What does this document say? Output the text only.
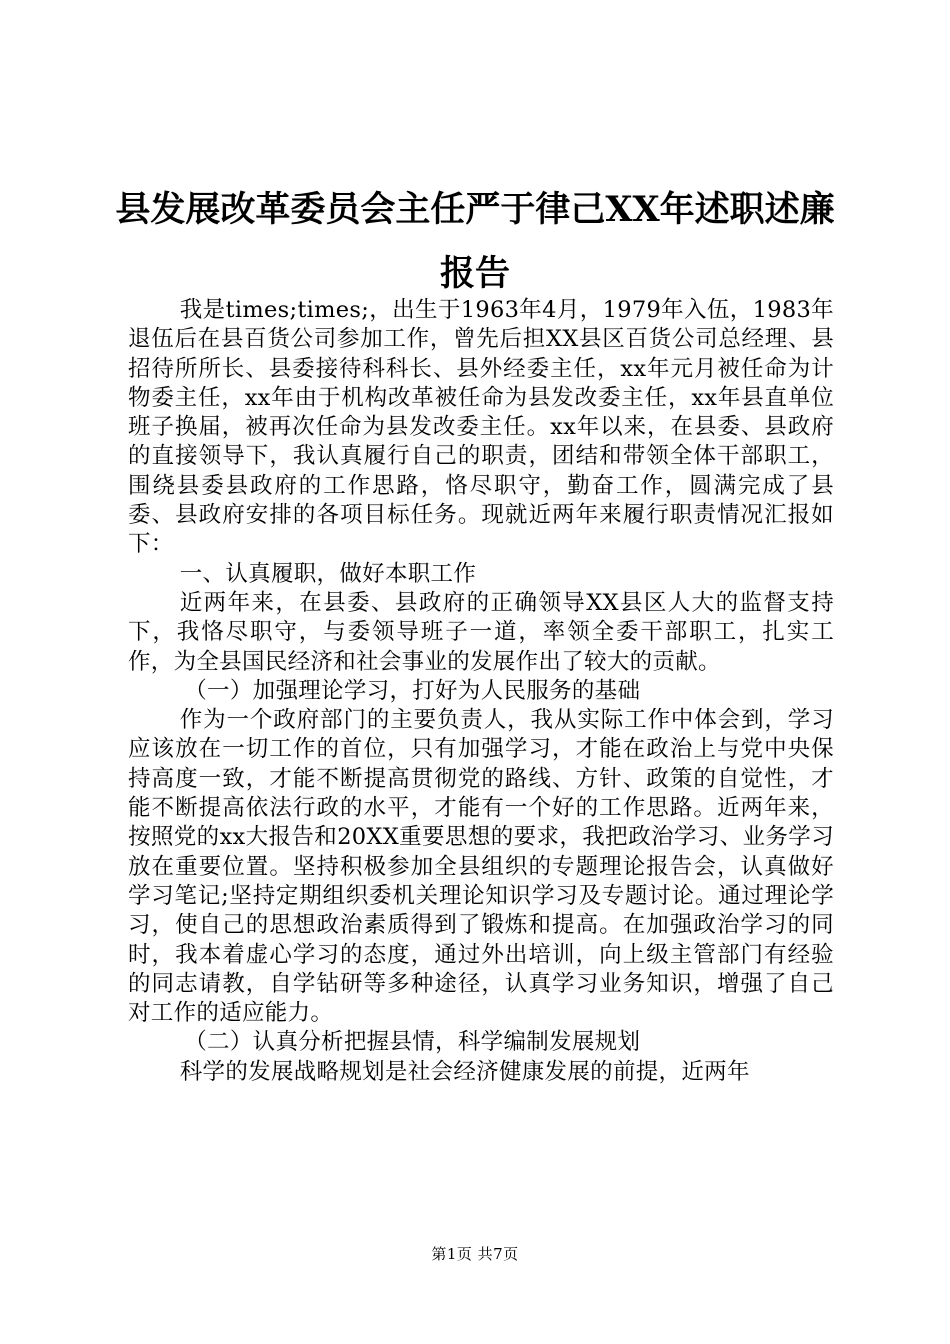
县发展改革委员会主任严于律己XX年述职述廉报告

我是times;times;，出生于1963年4月，1979年入伍，1983年退伍后在县百货公司参加工作，曾先后担XX县区百货公司总经理、县招待所所长、县委接待科科长、县外经委主任，xx年元月被任命为计物委主任，xx年由于机构改革被任命为县发改委主任，xx年县直单位班子换届，被再次任命为县发改委主任。xx年以来，在县委、县政府的直接领导下，我认真履行自己的职责，团结和带领全体干部职工，围绕县委县政府的工作思路，恪尽职守，勤奋工作，圆满完成了县委、县政府安排的各项目标任务。现就近两年来履行职责情况汇报如下：

一、认真履职，做好本职工作

近两年来，在县委、县政府的正确领导XX县区人大的监督支持下，我恪尽职守，与委领导班子一道，率领全委干部职工，扎实工作，为全县国民经济和社会事业的发展作出了较大的贡献。

（一）加强理论学习，打好为人民服务的基础

作为一个政府部门的主要负责人，我从实际工作中体会到，学习应该放在一切工作的首位，只有加强学习，才能在政治上与党中央保持高度一致，才能不断提高贯彻党的路线、方针、政策的自觉性，才能不断提高依法行政的水平，才能有一个好的工作思路。近两年来，按照党的xx大报告和20XX重要思想的要求，我把政治学习、业务学习放在重要位置。坚持积极参加全县组织的专题理论报告会，认真做好学习笔记;坚持定期组织委机关理论知识学习及专题讨论。通过理论学习，使自己的思想政治素质得到了锻炼和提高。在加强政治学习的同时，我本着虚心学习的态度，通过外出培训，向上级主管部门有经验的同志请教，自学钻研等多种途径，认真学习业务知识，增强了自己对工作的适应能力。

（二）认真分析把握县情，科学编制发展规划

科学的发展战略规划是社会经济健康发展的前提，近两年

第1页 共7页
